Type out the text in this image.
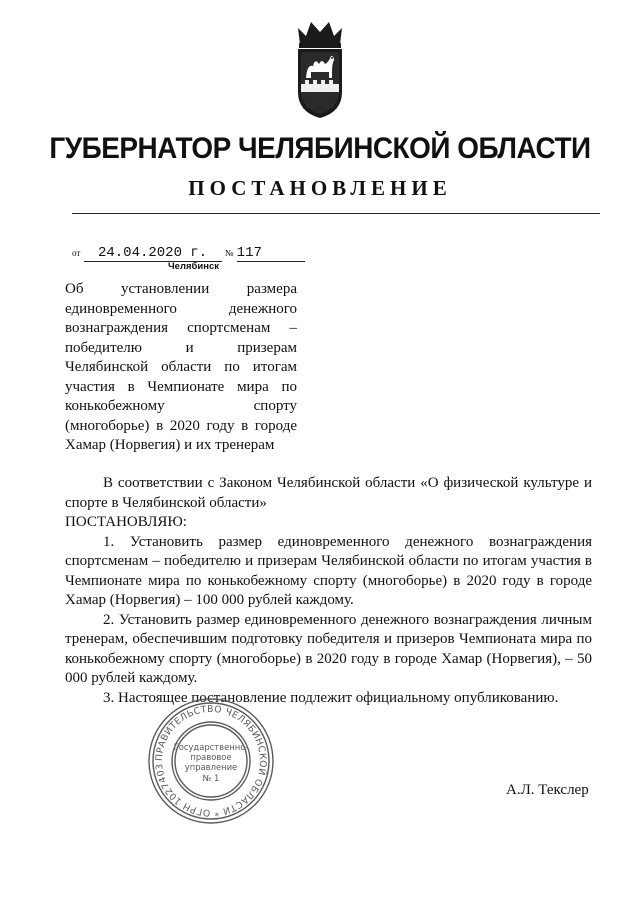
ГУБЕРНАТОР ЧЕЛЯБИНСКОЙ ОБЛАСТИ
ПОСТАНОВЛЕНИЕ
от 24.04.2020 г. № 117
Челябинск
Об установлении размера
единовременного денежного
вознаграждения спортсменам –
победителю и призерам
Челябинской области по итогам
участия в Чемпионате мира по
конькобежному спорту
(многоборье) в 2020 году в городе
Хамар (Норвегия) и их тренерам

В соответствии с Законом Челябинской области «О физической культуре и спорте в Челябинской области»

ПОСТАНОВЛЯЮ:

1. Установить размер единовременного денежного вознаграждения спортсменам – победителю и призерам Челябинской области по итогам участия в Чемпионате мира по конькобежному спорту (многоборье) в 2020 году в городе Хамар (Норвегия) – 100 000 рублей каждому.

2. Установить размер единовременного денежного вознаграждения личным тренерам, обеспечившим подготовку победителя и призеров Чемпионата мира по конькобежному спорту (многоборье) в 2020 году в городе Хамар (Норвегия), – 50 000 рублей каждому.

3. Настоящее постановление подлежит официальному опубликованию.

ПРАВИТЕЛЬСТВО ЧЕЛЯБИНСКОЙ ОБЛАСТИ * ОГРН 1027403
Государственно-
правовое
управление
№ 1
А.Л. Текслер
